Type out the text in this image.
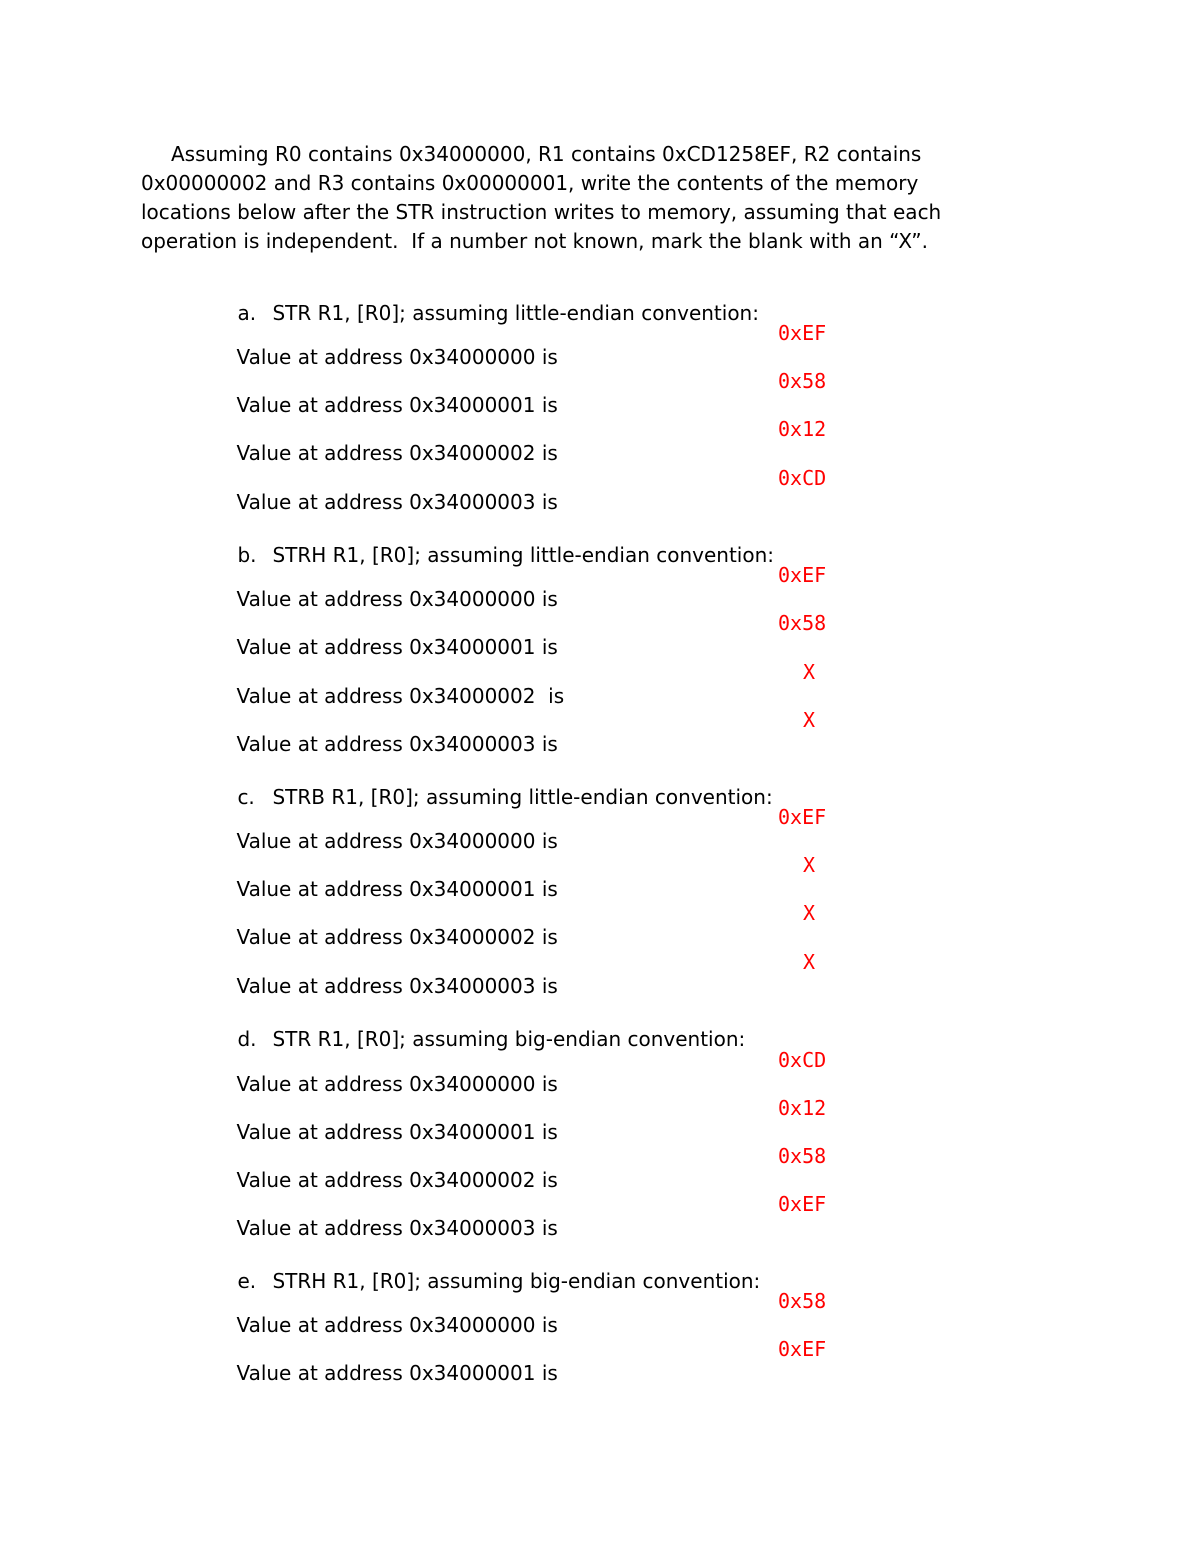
Assuming R0 contains 0x34000000, R1 contains 0xCD1258EF, R2 contains
0x00000002 and R3 contains 0x00000001, write the contents of the memory
locations below after the STR instruction writes to memory, assuming that each
operation is independent.  If a number not known, mark the blank with an “X”.

a. STR R1, [R0]; assuming little-endian convention:

Value at address 0x34000000 is

0xEF

Value at address 0x34000001 is

0x58

Value at address 0x34000002 is

0x12

Value at address 0x34000003 is

0xCD

b. STRH R1, [R0]; assuming little-endian convention:

Value at address 0x34000000 is

0xEF

Value at address 0x34000001 is

0x58

Value at address 0x34000002  is

X

Value at address 0x34000003 is

X

c. STRB R1, [R0]; assuming little-endian convention:

Value at address 0x34000000 is

0xEF

Value at address 0x34000001 is

X

Value at address 0x34000002 is

X

Value at address 0x34000003 is

X

d. STR R1, [R0]; assuming big-endian convention:

Value at address 0x34000000 is

0xCD

Value at address 0x34000001 is

0x12

Value at address 0x34000002 is

0x58

Value at address 0x34000003 is

0xEF

e. STRH R1, [R0]; assuming big-endian convention:

Value at address 0x34000000 is

0x58

Value at address 0x34000001 is

0xEF
